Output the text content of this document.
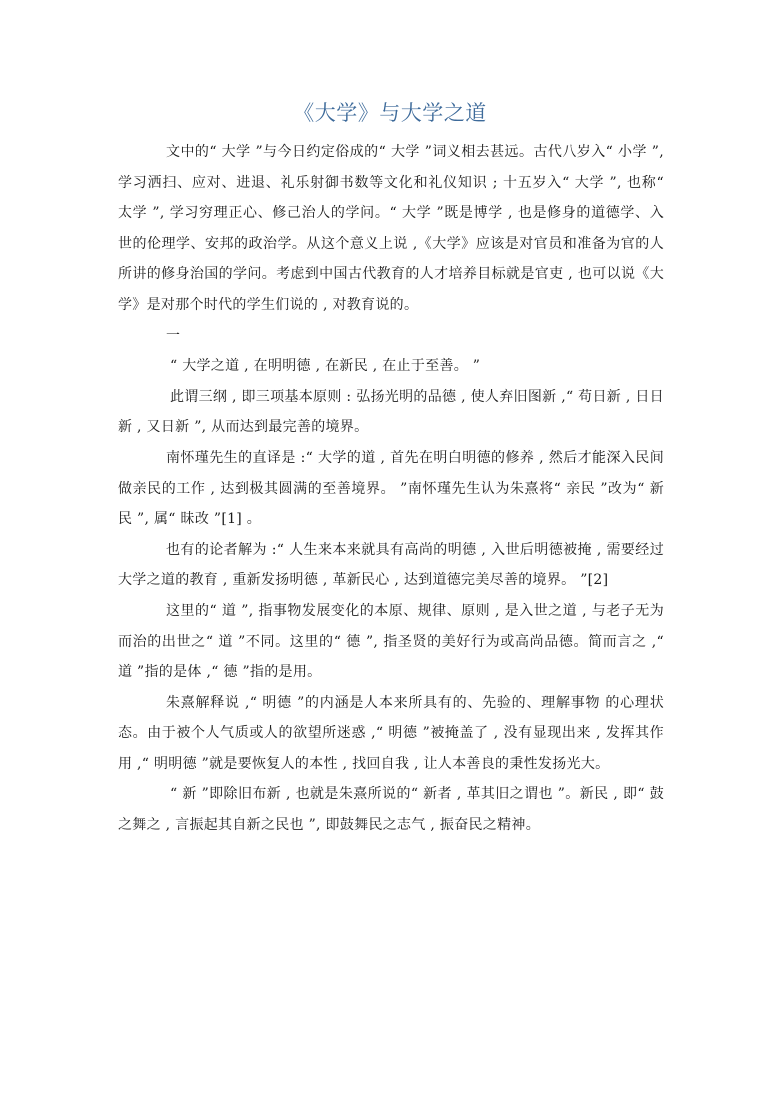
《大学》与大学之道

文中的“ 大学 ”与今日约定俗成的“ 大学 ”词义相去甚远。古代八岁入“ 小学 ”, 学习洒扫、应对、进退、礼乐射御书数等文化和礼仪知识 ; 十五岁入“ 大学 ”, 也称“ 太学 ”, 学习穷理正心、修己治人的学问。“ 大学 ”既是博学 , 也是修身的道德学、入世的伦理学、安邦的政治学。从这个意义上说 ,《大学》应该是对官员和准备为官的人所讲的修身治国的学问。考虑到中国古代教育的人才培养目标就是官吏 , 也可以说《大学》是对那个时代的学生们说的 , 对教育说的。

一

“ 大学之道 , 在明明德 , 在新民 , 在止于至善。 ”

此谓三纲 , 即三项基本原则 : 弘扬光明的品德 , 使人弃旧图新 ,“ 苟日新 , 日日新 , 又日新 ”, 从而达到最完善的境界。

南怀瑾先生的直译是 :“ 大学的道 , 首先在明白明德的修养 , 然后才能深入民间做亲民的工作 , 达到极其圆满的至善境界。 ”南怀瑾先生认为朱熹将“ 亲民 ”改为“ 新民 ”, 属“ 昧改 ”[1] 。

也有的论者解为 :“ 人生来本来就具有高尚的明德 , 入世后明德被掩 , 需要经过大学之道的教育 , 重新发扬明德 , 革新民心 , 达到道德完美尽善的境界。 ”[2]

这里的“ 道 ”, 指事物发展变化的本原、规律、原则 , 是入世之道 , 与老子无为 而治的出世之“ 道 ”不同。这里的“ 德 ”, 指圣贤的美好行为或高尚品德。简而言之 ,“ 道 ”指的是体 ,“ 德 ”指的是用。

朱熹解释说 ,“ 明德 ”的内涵是人本来所具有的、先验的、理解事物 的心理状态。由于被个人气质或人的欲望所迷惑 ,“ 明德 ”被掩盖了 , 没有显现出来 , 发挥其作用 ,“ 明明德 ”就是要恢复人的本性 , 找回自我 , 让人本善良的秉性发扬光大。

“ 新 ”即除旧布新 , 也就是朱熹所说的“ 新者 , 革其旧之谓也 ”。新民 , 即“ 鼓之舞之 , 言振起其自新之民也 ”, 即鼓舞民之志气 , 振奋民之精神。
